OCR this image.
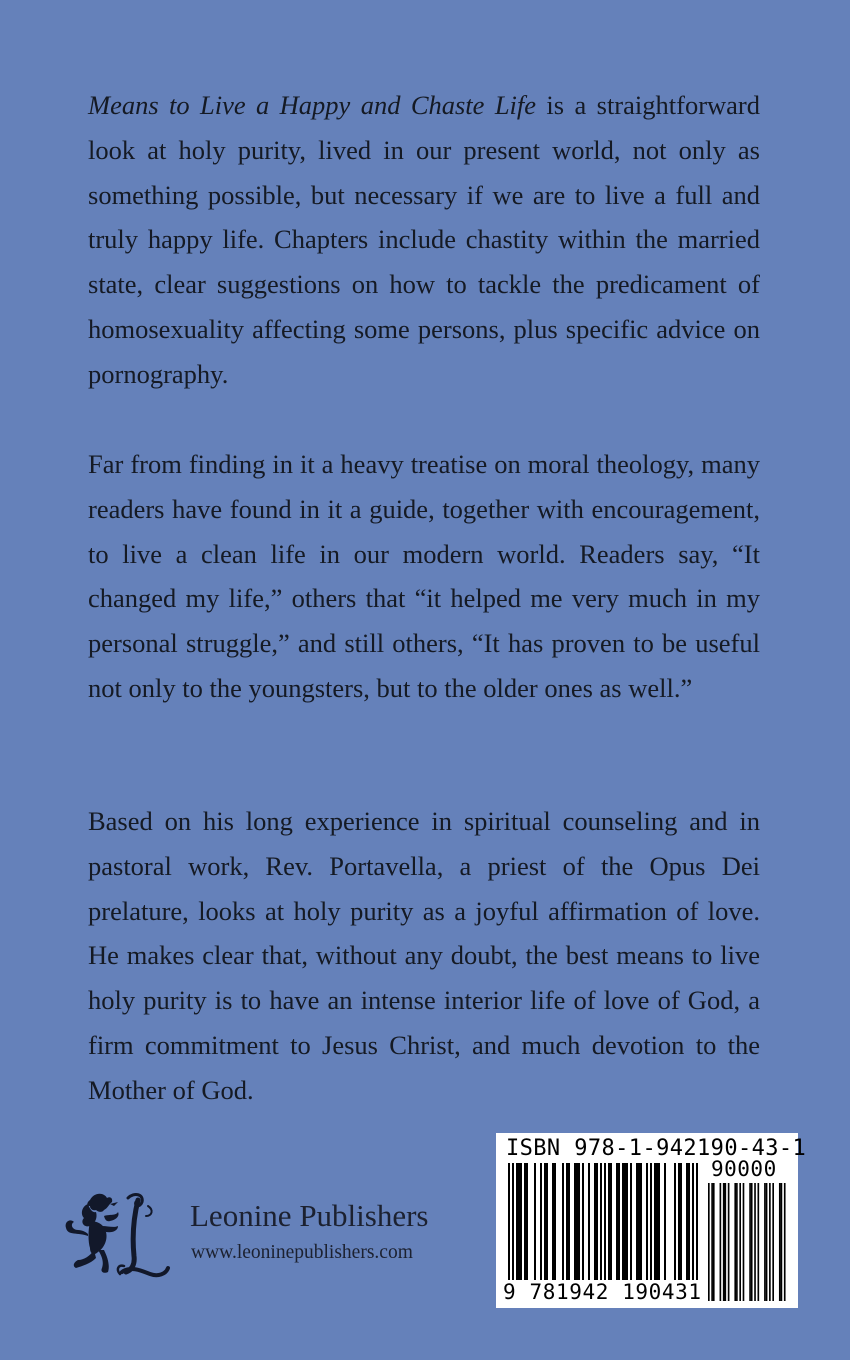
Means to Live a Happy and Chaste Life is a straightforward look at holy purity, lived in our present world, not only as something possible, but necessary if we are to live a full and truly happy life. Chapters include chastity within the married state, clear suggestions on how to tackle the predicament of homosexuality affecting some persons, plus specific advice on pornography.

Far from finding in it a heavy treatise on moral theology, many readers have found in it a guide, together with encouragement, to live a clean life in our modern world. Readers say, “It changed my life,” others that “it helped me very much in my personal struggle,” and still others, “It has proven to be useful not only to the youngsters, but to the older ones as well.”

Based on his long experience in spiritual counseling and in pastoral work, Rev. Portavella, a priest of the Opus Dei prelature, looks at holy purity as a joyful affirmation of love. He makes clear that, without any doubt, the best means to live holy purity is to have an intense interior life of love of God, a firm commitment to Jesus Christ, and much devotion to the Mother of God.

Leonine Publishers
www.leoninepublishers.com
ISBN 978-1-942190-43-1
90000
9 781942 190431
